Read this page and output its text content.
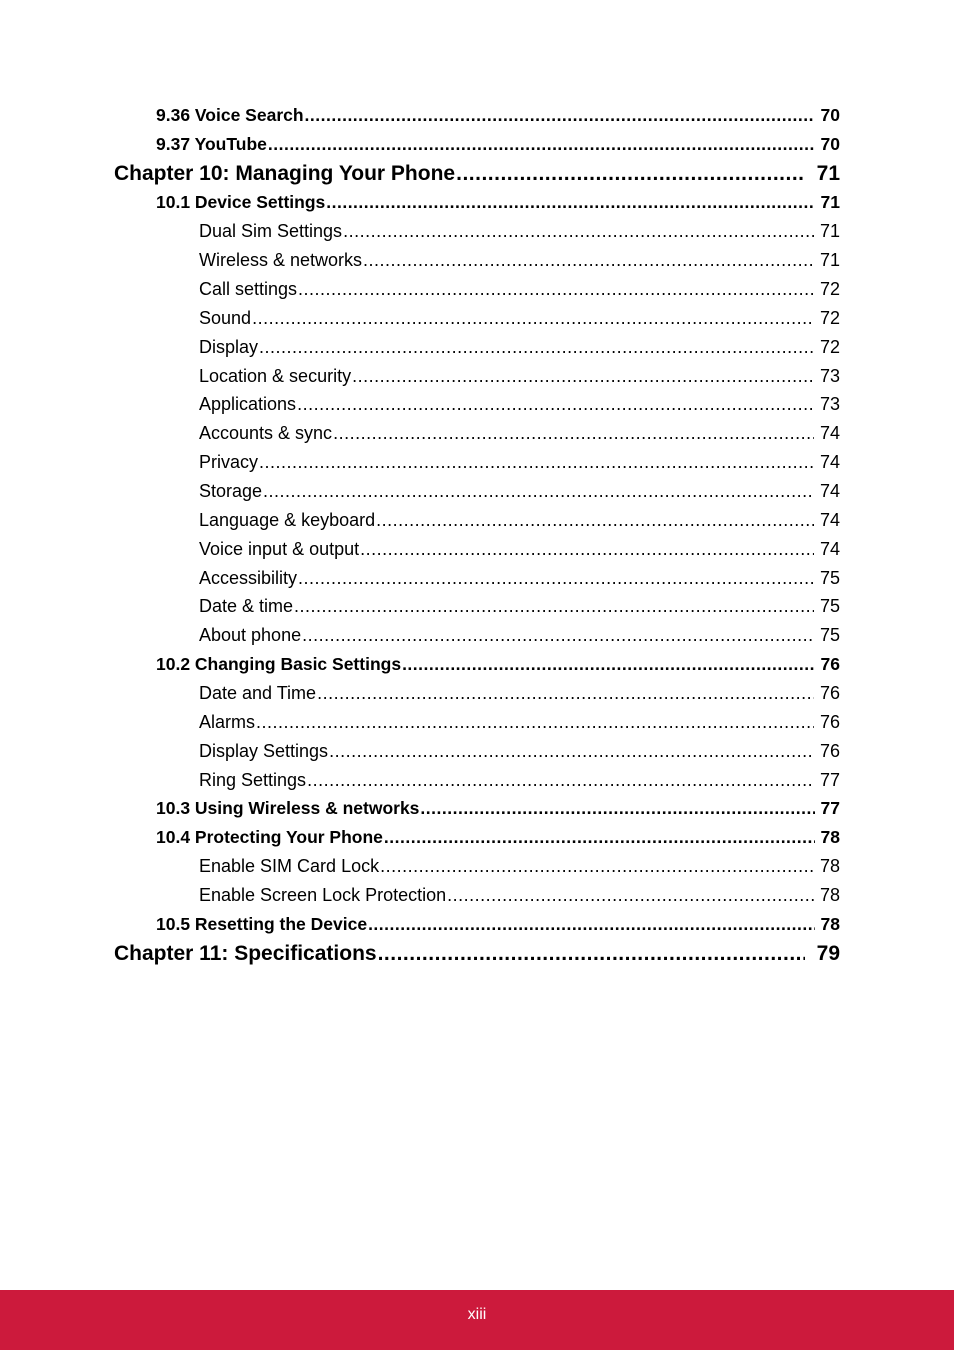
9.36 Voice Search .....	70
9.37 YouTube .....	70
Chapter 10: Managing Your Phone .....	71
10.1 Device Settings .....	71
Dual Sim Settings .....	71
Wireless & networks .....	71
Call settings .....	72
Sound .....	72
Display .....	72
Location & security .....	73
Applications .....	73
Accounts & sync .....	74
Privacy .....	74
Storage .....	74
Language & keyboard .....	74
Voice input & output .....	74
Accessibility .....	75
Date & time .....	75
About phone .....	75
10.2 Changing Basic Settings .....	76
Date and Time .....	76
Alarms .....	76
Display Settings .....	76
Ring Settings .....	77
10.3 Using Wireless & networks .....	77
10.4 Protecting Your Phone .....	78
Enable SIM Card Lock .....	78
Enable Screen Lock Protection .....	78
10.5 Resetting the Device .....	78
Chapter 11: Specifications .....	79
xiii
